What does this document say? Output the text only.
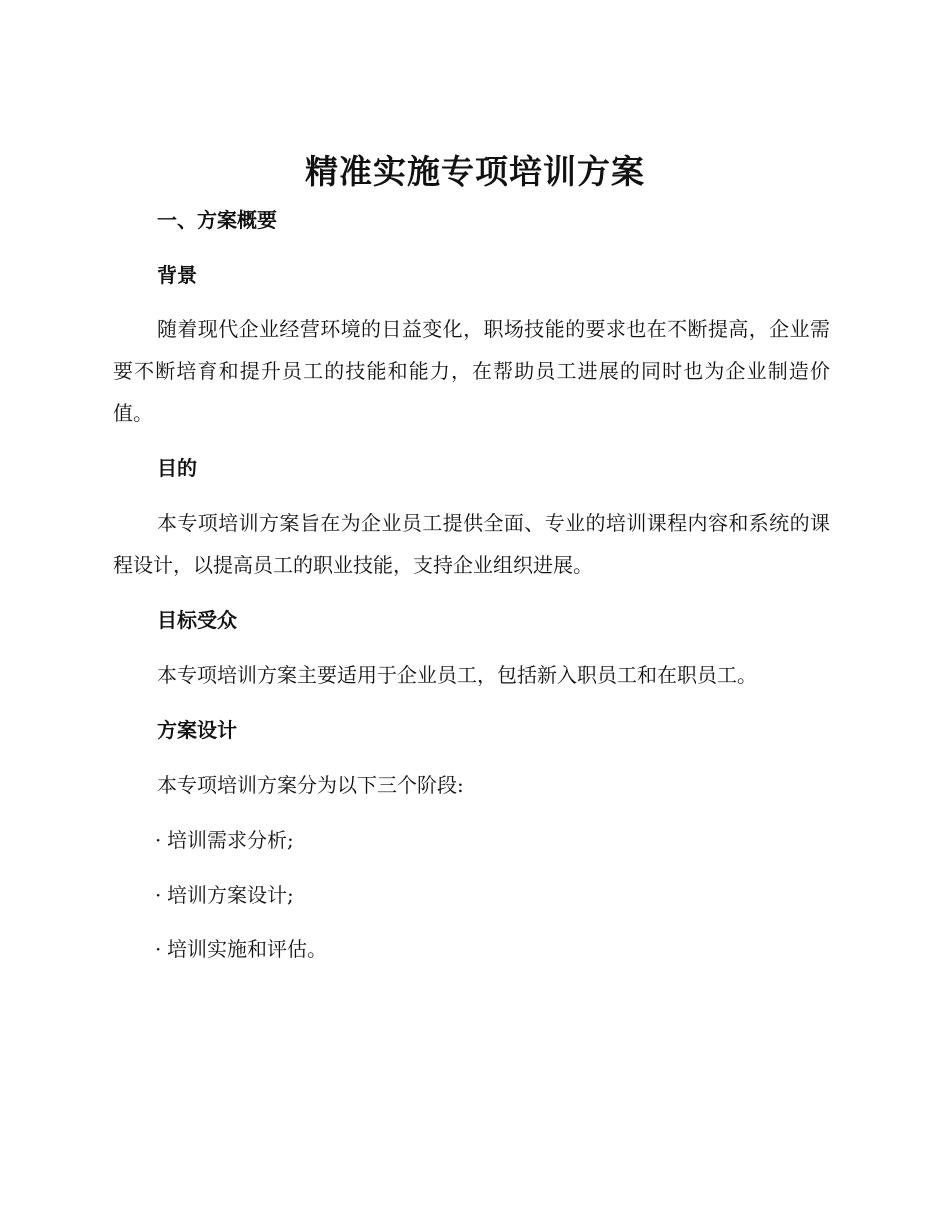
精准实施专项培训方案
一、方案概要
背景

随着现代企业经营环境的日益变化，职场技能的要求也在不断提高，企业需要不断培育和提升员工的技能和能力，在帮助员工进展的同时也为企业制造价值。

目的

本专项培训方案旨在为企业员工提供全面、专业的培训课程内容和系统的课程设计，以提高员工的职业技能，支持企业组织进展。

目标受众

本专项培训方案主要适用于企业员工，包括新入职员工和在职员工。

方案设计

本专项培训方案分为以下三个阶段:

· 培训需求分析;

· 培训方案设计;

· 培训实施和评估。
